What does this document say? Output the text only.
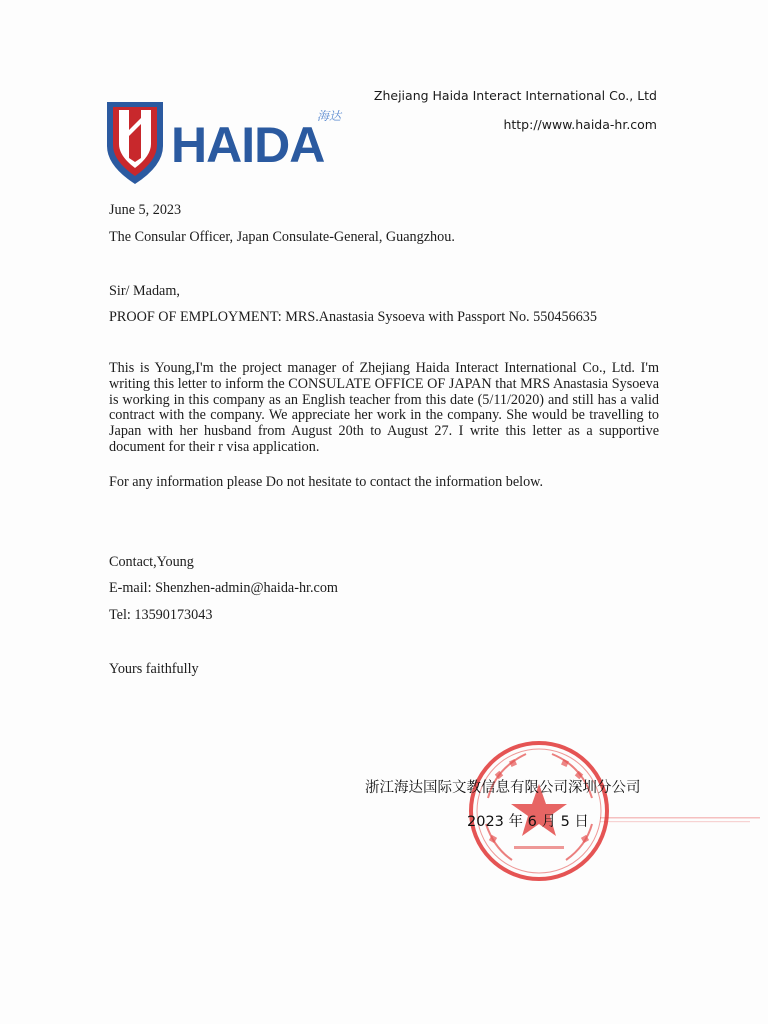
HAIDA
海达
Zhejiang Haida Interact International Co., Ltd
http://www.haida-hr.com
June 5, 2023
The Consular Officer, Japan Consulate-General, Guangzhou.
Sir/ Madam,
PROOF OF EMPLOYMENT: MRS.Anastasia Sysoeva with Passport No. 550456635
This is Young,I'm the project manager of Zhejiang Haida Interact International Co., Ltd. I'm writing this letter to inform the CONSULATE OFFICE OF JAPAN that MRS Anastasia Sysoeva is working in this company as an English teacher from this date (5/11/2020) and still has a valid contract with the company. We appreciate her work in the company. She would be travelling to Japan with her husband from August 20th to August 27. I write this letter as a supportive document for their r visa application.
For any information please Do not hesitate to contact the information below.
Contact,Young
E-mail: Shenzhen-admin@haida-hr.com
Tel: 13590173043
Yours faithfully
浙江海达国际文教信息有限公司深圳分公司
2023 年 6 月 5 日
